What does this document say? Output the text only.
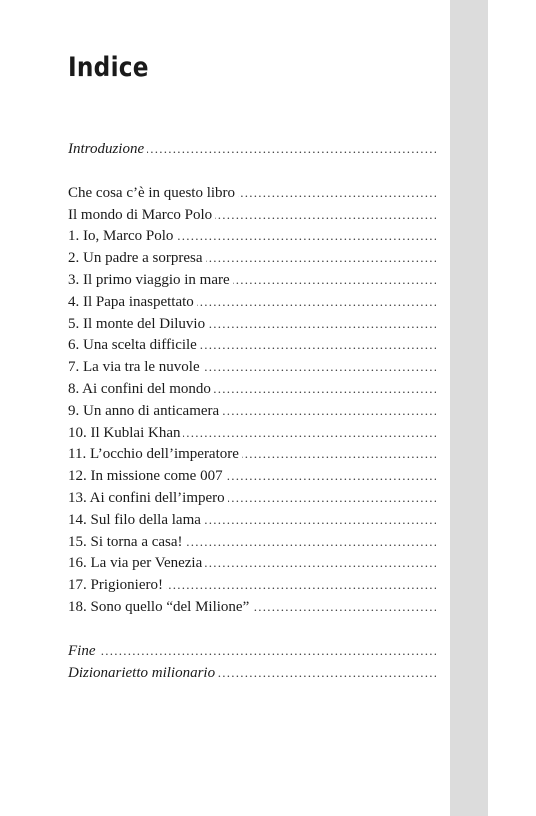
Indice
Introduzione
. . .
Che cosa c’è in questo libro
. . .
Il mondo di Marco Polo
. . .
1. Io, Marco Polo
. . .
2. Un padre a sorpresa
. . .
3. Il primo viaggio in mare
. . .
4. Il Papa inaspettato
. . .
5. Il monte del Diluvio
. . .
6. Una scelta difficile
. . .
7. La via tra le nuvole
. . .
8. Ai confini del mondo
. . .
9. Un anno di anticamera
. . .
10. Il Kublai Khan
. . .
11. L’occhio dell’imperatore
. . .
12. In missione come 007
. . .
13. Ai confini dell’impero
. . .
14. Sul filo della lama
. . .
15. Si torna a casa!
. . .
16. La via per Venezia
. . .
17. Prigioniero!
. . .
18. Sono quello “del Milione”
. . .
Fine
. . .
Dizionarietto milionario
. . .
